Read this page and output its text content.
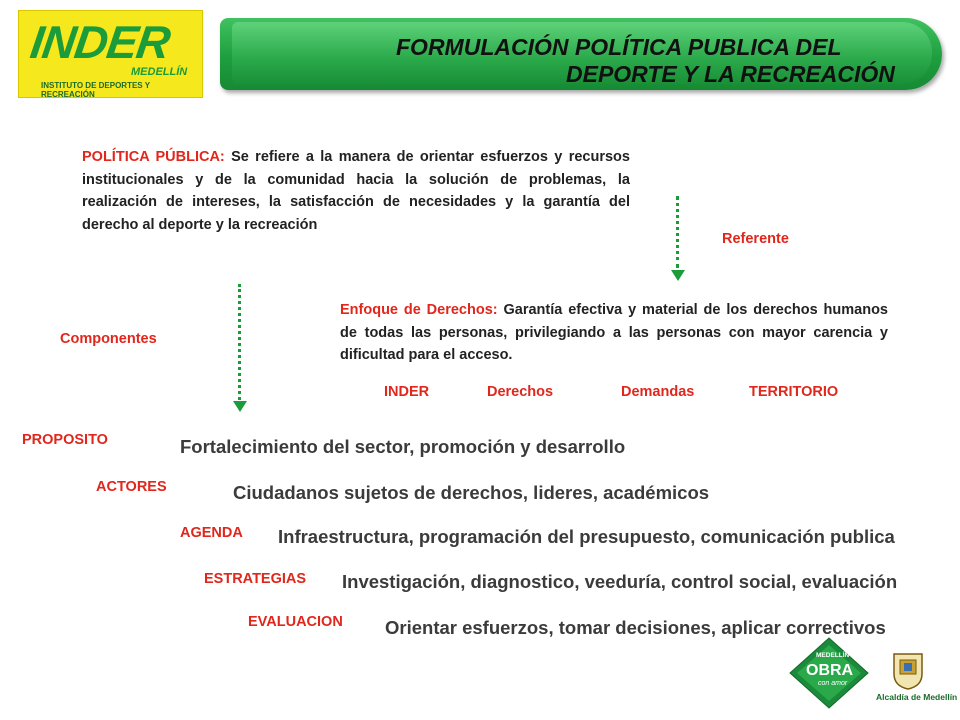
INDER
MEDELLÍN
INSTITUTO DE DEPORTES Y RECREACIÓN
FORMULACIÓN POLÍTICA PUBLICA DEL
DEPORTE Y LA RECREACIÓN
POLÍTICA PÚBLICA: Se refiere a la manera de orientar esfuerzos y recursos institucionales y de la comunidad hacia la solución de problemas, la realización de intereses, la satisfacción de necesidades y la garantía del derecho al deporte y la recreación
Referente
Componentes
Enfoque de Derechos: Garantía efectiva y material de los derechos humanos de todas las personas, privilegiando a las personas con mayor carencia y dificultad para el acceso.
INDER	Derechos	Demandas	TERRITORIO
PROPOSITO	Fortalecimiento del sector, promoción y desarrollo
ACTORES	Ciudadanos sujetos de derechos, lideres, académicos
AGENDA Infraestructura, programación del presupuesto, comunicación publica
ESTRATEGIAS Investigación, diagnostico, veeduría, control social, evaluación
EVALUACION Orientar esfuerzos, tomar decisiones, aplicar correctivos
MEDELLÍN
OBRA
con amor
Alcaldía de Medellín
